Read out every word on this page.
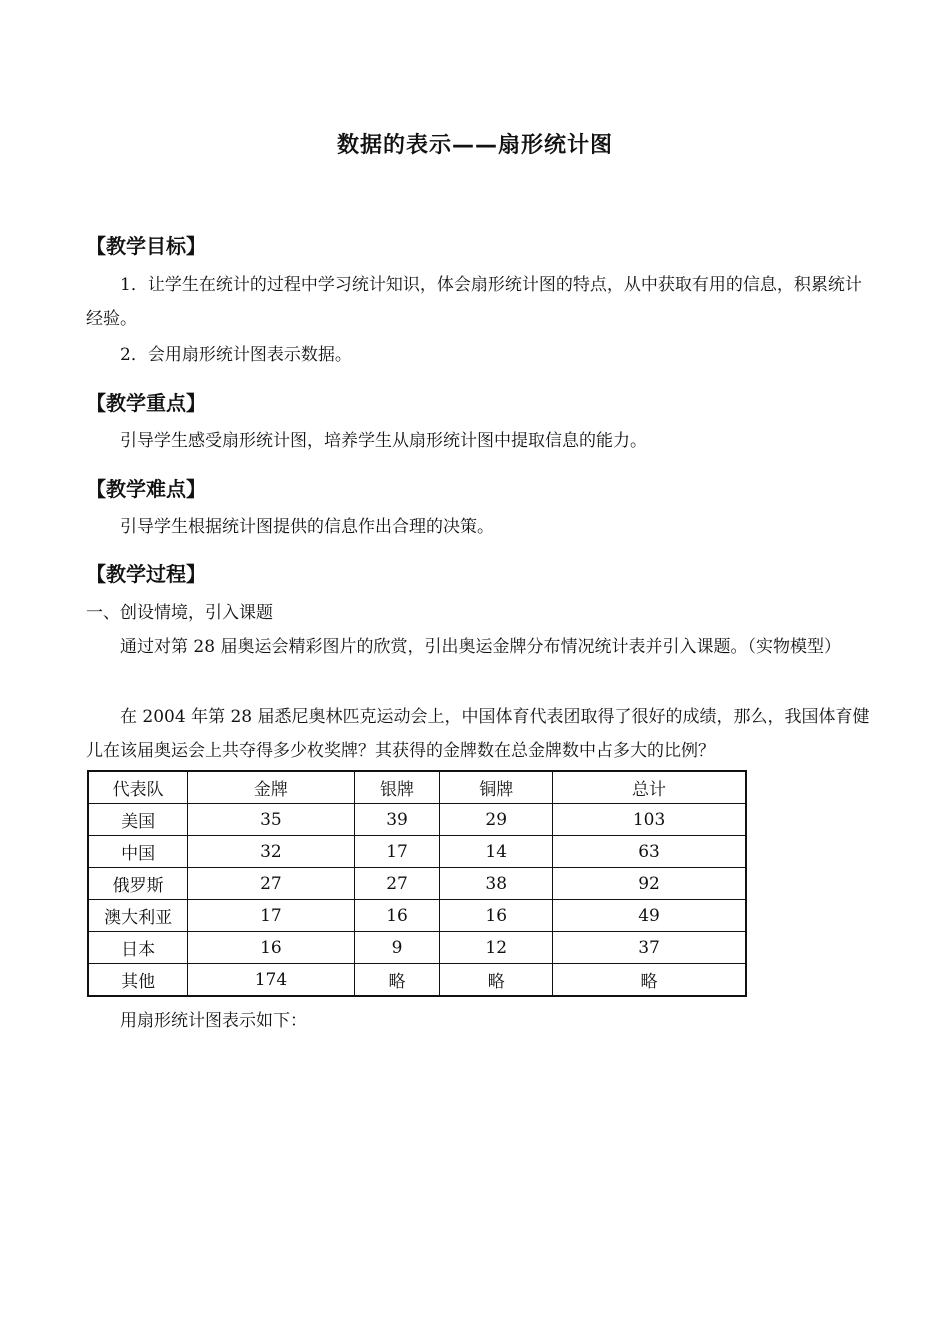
数据的表示——扇形统计图
【教学目标】
1．让学生在统计的过程中学习统计知识，体会扇形统计图的特点，从中获取有用的信息，积累统计经验。
2．会用扇形统计图表示数据。
【教学重点】
引导学生感受扇形统计图，培养学生从扇形统计图中提取信息的能力。
【教学难点】
引导学生根据统计图提供的信息作出合理的决策。
【教学过程】
一、创设情境，引入课题
通过对第 28 届奥运会精彩图片的欣赏，引出奥运金牌分布情况统计表并引入课题。（实物模型）
在 2004 年第 28 届悉尼奥林匹克运动会上，中国体育代表团取得了很好的成绩，那么，我国体育健儿在该届奥运会上共夺得多少枚奖牌？其获得的金牌数在总金牌数中占多大的比例？
代表队	金牌	银牌	铜牌	总计
美国	35	39	29	103
中国	32	17	14	63
俄罗斯	27	27	38	92
澳大利亚	17	16	16	49
日本	16	9	12	37
其他	174	略	略	略
用扇形统计图表示如下：
